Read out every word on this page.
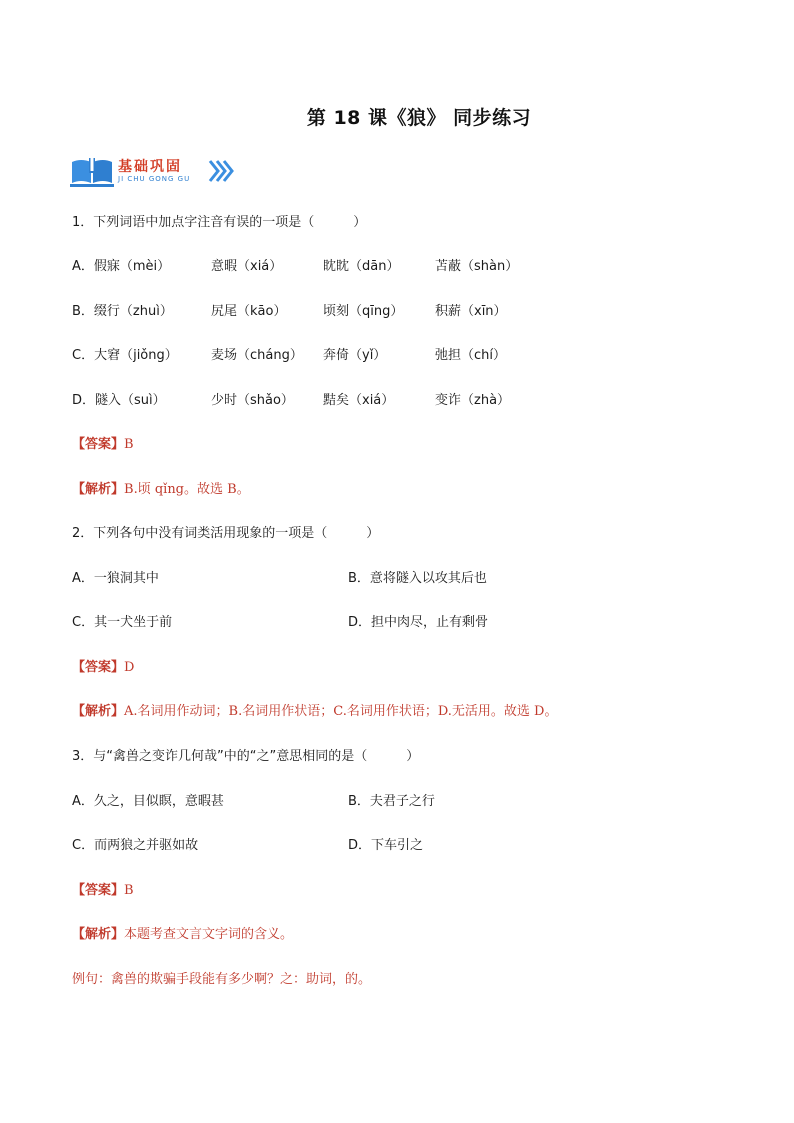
第 18 课《狼》 同步练习
基础巩固
JI CHU GONG GU
1．下列词语中加点字注音有误的一项是（　　　）
A．假寐（mèi）	意暇（xiá）	眈眈（dān）	苫蔽（shàn）
B．缀行（zhuì）	尻尾（kāo）	顷刻（qīng） 积薪（xīn）
C．大窘（jiǒng）	麦场（cháng） 奔倚（yǐ）	弛担（chí）
D．隧入（suì）	少时（shǎo） 黠矣（xiá）	变诈（zhà）
【答案】B
【解析】B.顷 qǐng。故选 B。
2．下列各句中没有词类活用现象的一项是（　　　）
A．一狼洞其中	B．意将隧入以攻其后也
C．其一犬坐于前	D．担中肉尽，止有剩骨
【答案】D
【解析】A.名词用作动词；B.名词用作状语；C.名词用作状语；D.无活用。故选 D。
3．与“禽兽之变诈几何哉”中的“之”意思相同的是（　　　）
A．久之，目似瞑，意暇甚	B．夫君子之行
C．而两狼之并驱如故	D．下车引之
【答案】B
【解析】本题考查文言文字词的含义。
例句：禽兽的欺骗手段能有多少啊？之：助词，的。
